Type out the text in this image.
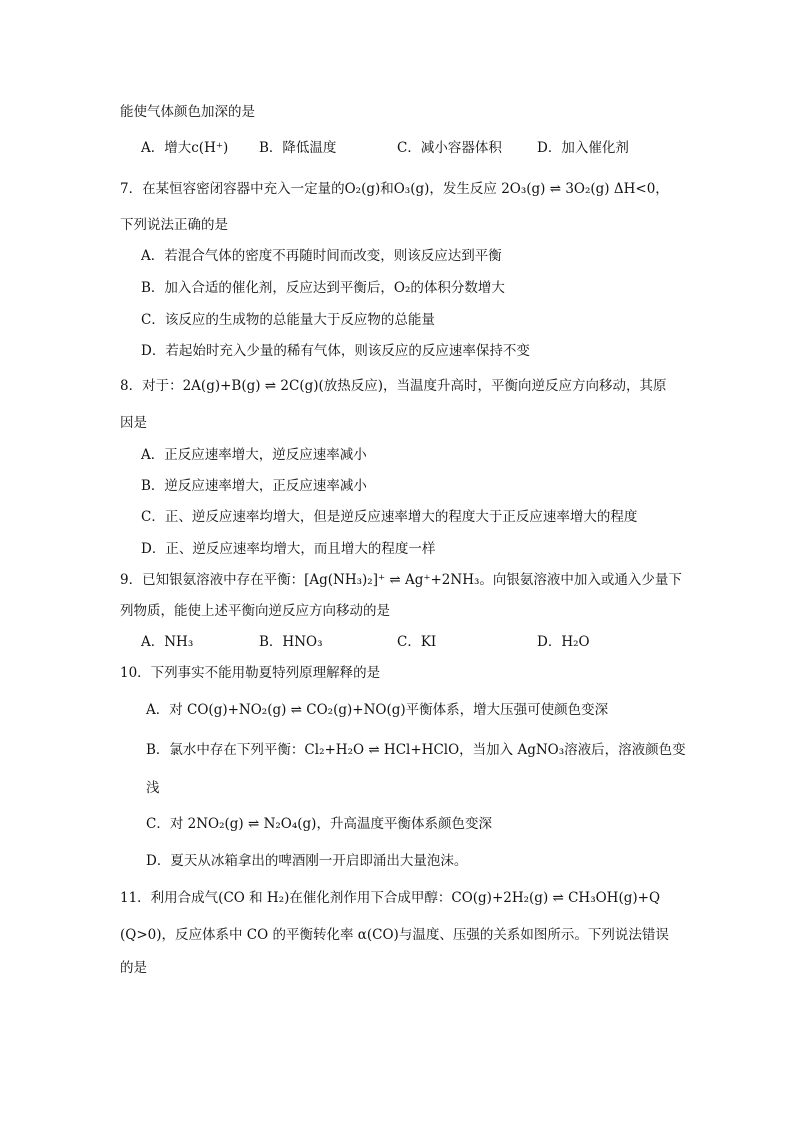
能使气体颜色加深的是
A．增大c(H⁺) B．降低温度	C．减小容器体积	D．加入催化剂
7．在某恒容密闭容器中充入一定量的O₂(g)和O₃(g)，发生反应 2O₃(g) ⇌ 3O₂(g) ΔH<0，
下列说法正确的是
A．若混合气体的密度不再随时间而改变，则该反应达到平衡
B．加入合适的催化剂，反应达到平衡后，O₂的体积分数增大
C．该反应的生成物的总能量大于反应物的总能量
D．若起始时充入少量的稀有气体，则该反应的反应速率保持不变
8．对于：2A(g)+B(g) ⇌ 2C(g)(放热反应)，当温度升高时，平衡向逆反应方向移动，其原
因是
A．正反应速率增大，逆反应速率减小
B．逆反应速率增大，正反应速率减小
C．正、逆反应速率均增大，但是逆反应速率增大的程度大于正反应速率增大的程度
D．正、逆反应速率均增大，而且增大的程度一样
9．已知银氨溶液中存在平衡：[Ag(NH₃)₂]⁺ ⇌ Ag⁺+2NH₃。向银氨溶液中加入或通入少量下
列物质，能使上述平衡向逆反应方向移动的是
A．NH₃	B．HNO₃	C．KI	D．H₂O
10．下列事实不能用勒夏特列原理解释的是
A．对 CO(g)+NO₂(g) ⇌ CO₂(g)+NO(g)平衡体系，增大压强可使颜色变深
B．氯水中存在下列平衡：Cl₂+H₂O ⇌ HCl+HClO，当加入 AgNO₃溶液后，溶液颜色变
浅
C．对 2NO₂(g) ⇌ N₂O₄(g)，升高温度平衡体系颜色变深
D．夏天从冰箱拿出的啤酒刚一开启即涌出大量泡沫。
11．利用合成气(CO 和 H₂)在催化剂作用下合成甲醇：CO(g)+2H₂(g) ⇌ CH₃OH(g)+Q
(Q>0)，反应体系中 CO 的平衡转化率 α(CO)与温度、压强的关系如图所示。下列说法错误
的是
